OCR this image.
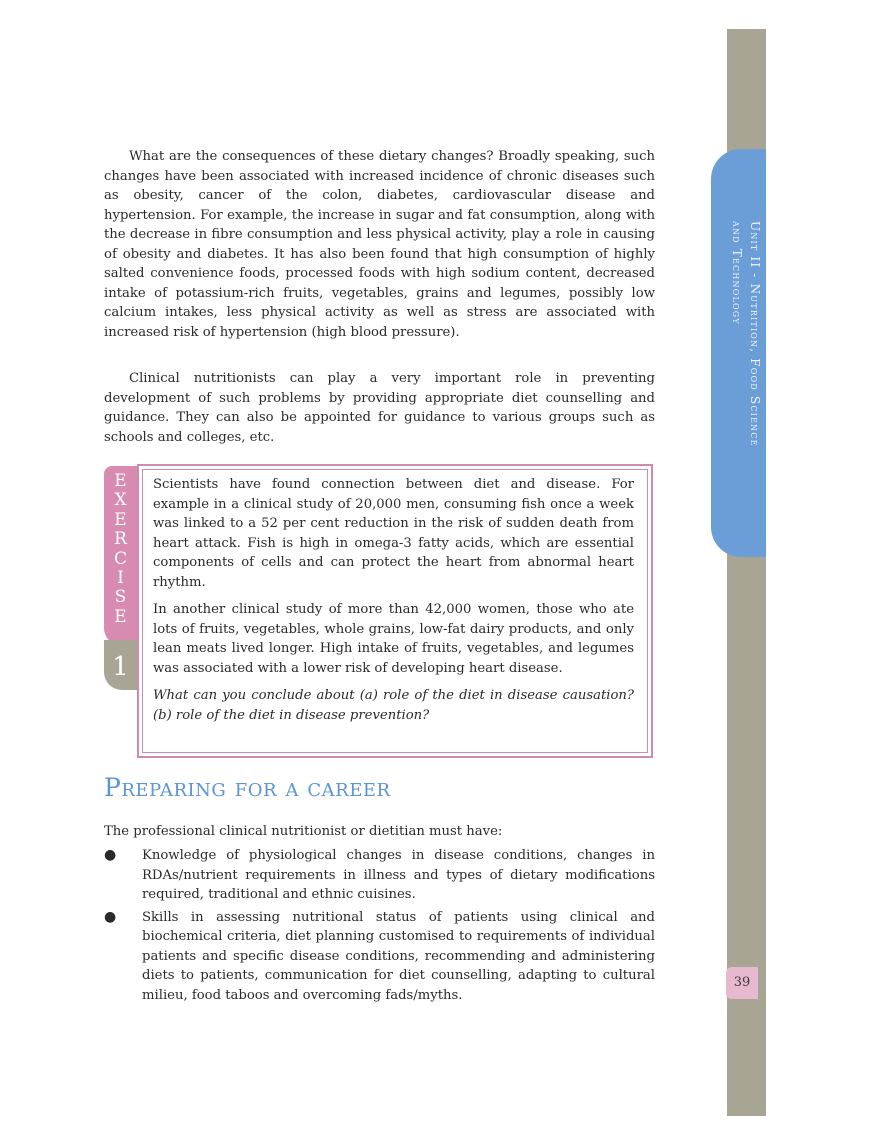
Unit II - Nutrition, Food Science
and Technology
39

What are the consequences of these dietary changes? Broadly speaking, such changes have been associated with increased incidence of chronic diseases such as obesity, cancer of the colon, diabetes, cardiovascular disease and hypertension. For example, the increase in sugar and fat consumption, along with the decrease in fibre consumption and less physical activity, play a role in causing of obesity and diabetes. It has also been found that high consumption of highly salted convenience foods, processed foods with high sodium content, decreased intake of potassium-rich fruits, vegetables, grains and legumes, possibly low calcium intakes, less physical activity as well as stress are associated with increased risk of hypertension (high blood pressure).

Clinical nutritionists can play a very important role in preventing development of such problems by providing appropriate diet counselling and guidance. They can also be appointed for guidance to various groups such as schools and colleges, etc.

E
X
E
R
C
I
S
E
1

Scientists have found connection between diet and disease. For example in a clinical study of 20,000 men, consuming fish once a week was linked to a 52 per cent reduction in the risk of sudden death from heart attack. Fish is high in omega-3 fatty acids, which are essential components of cells and can protect the heart from abnormal heart rhythm.

In another clinical study of more than 42,000 women, those who ate lots of fruits, vegetables, whole grains, low-fat dairy products, and only lean meats lived longer. High intake of fruits, vegetables, and legumes was associated with a lower risk of developing heart disease.

What can you conclude about (a) role of the diet in disease causation? (b) role of the diet in disease prevention?

Preparing for a career
The professional clinical nutritionist or dietitian must have:
● Knowledge of physiological changes in disease conditions, changes in RDAs/nutrient requirements in illness and types of dietary modifications required, traditional and ethnic cuisines.
● Skills in assessing nutritional status of patients using clinical and biochemical criteria, diet planning customised to requirements of individual patients and specific disease conditions, recommending and administering diets to patients, communication for diet counselling, adapting to cultural milieu, food taboos and overcoming fads/myths.
